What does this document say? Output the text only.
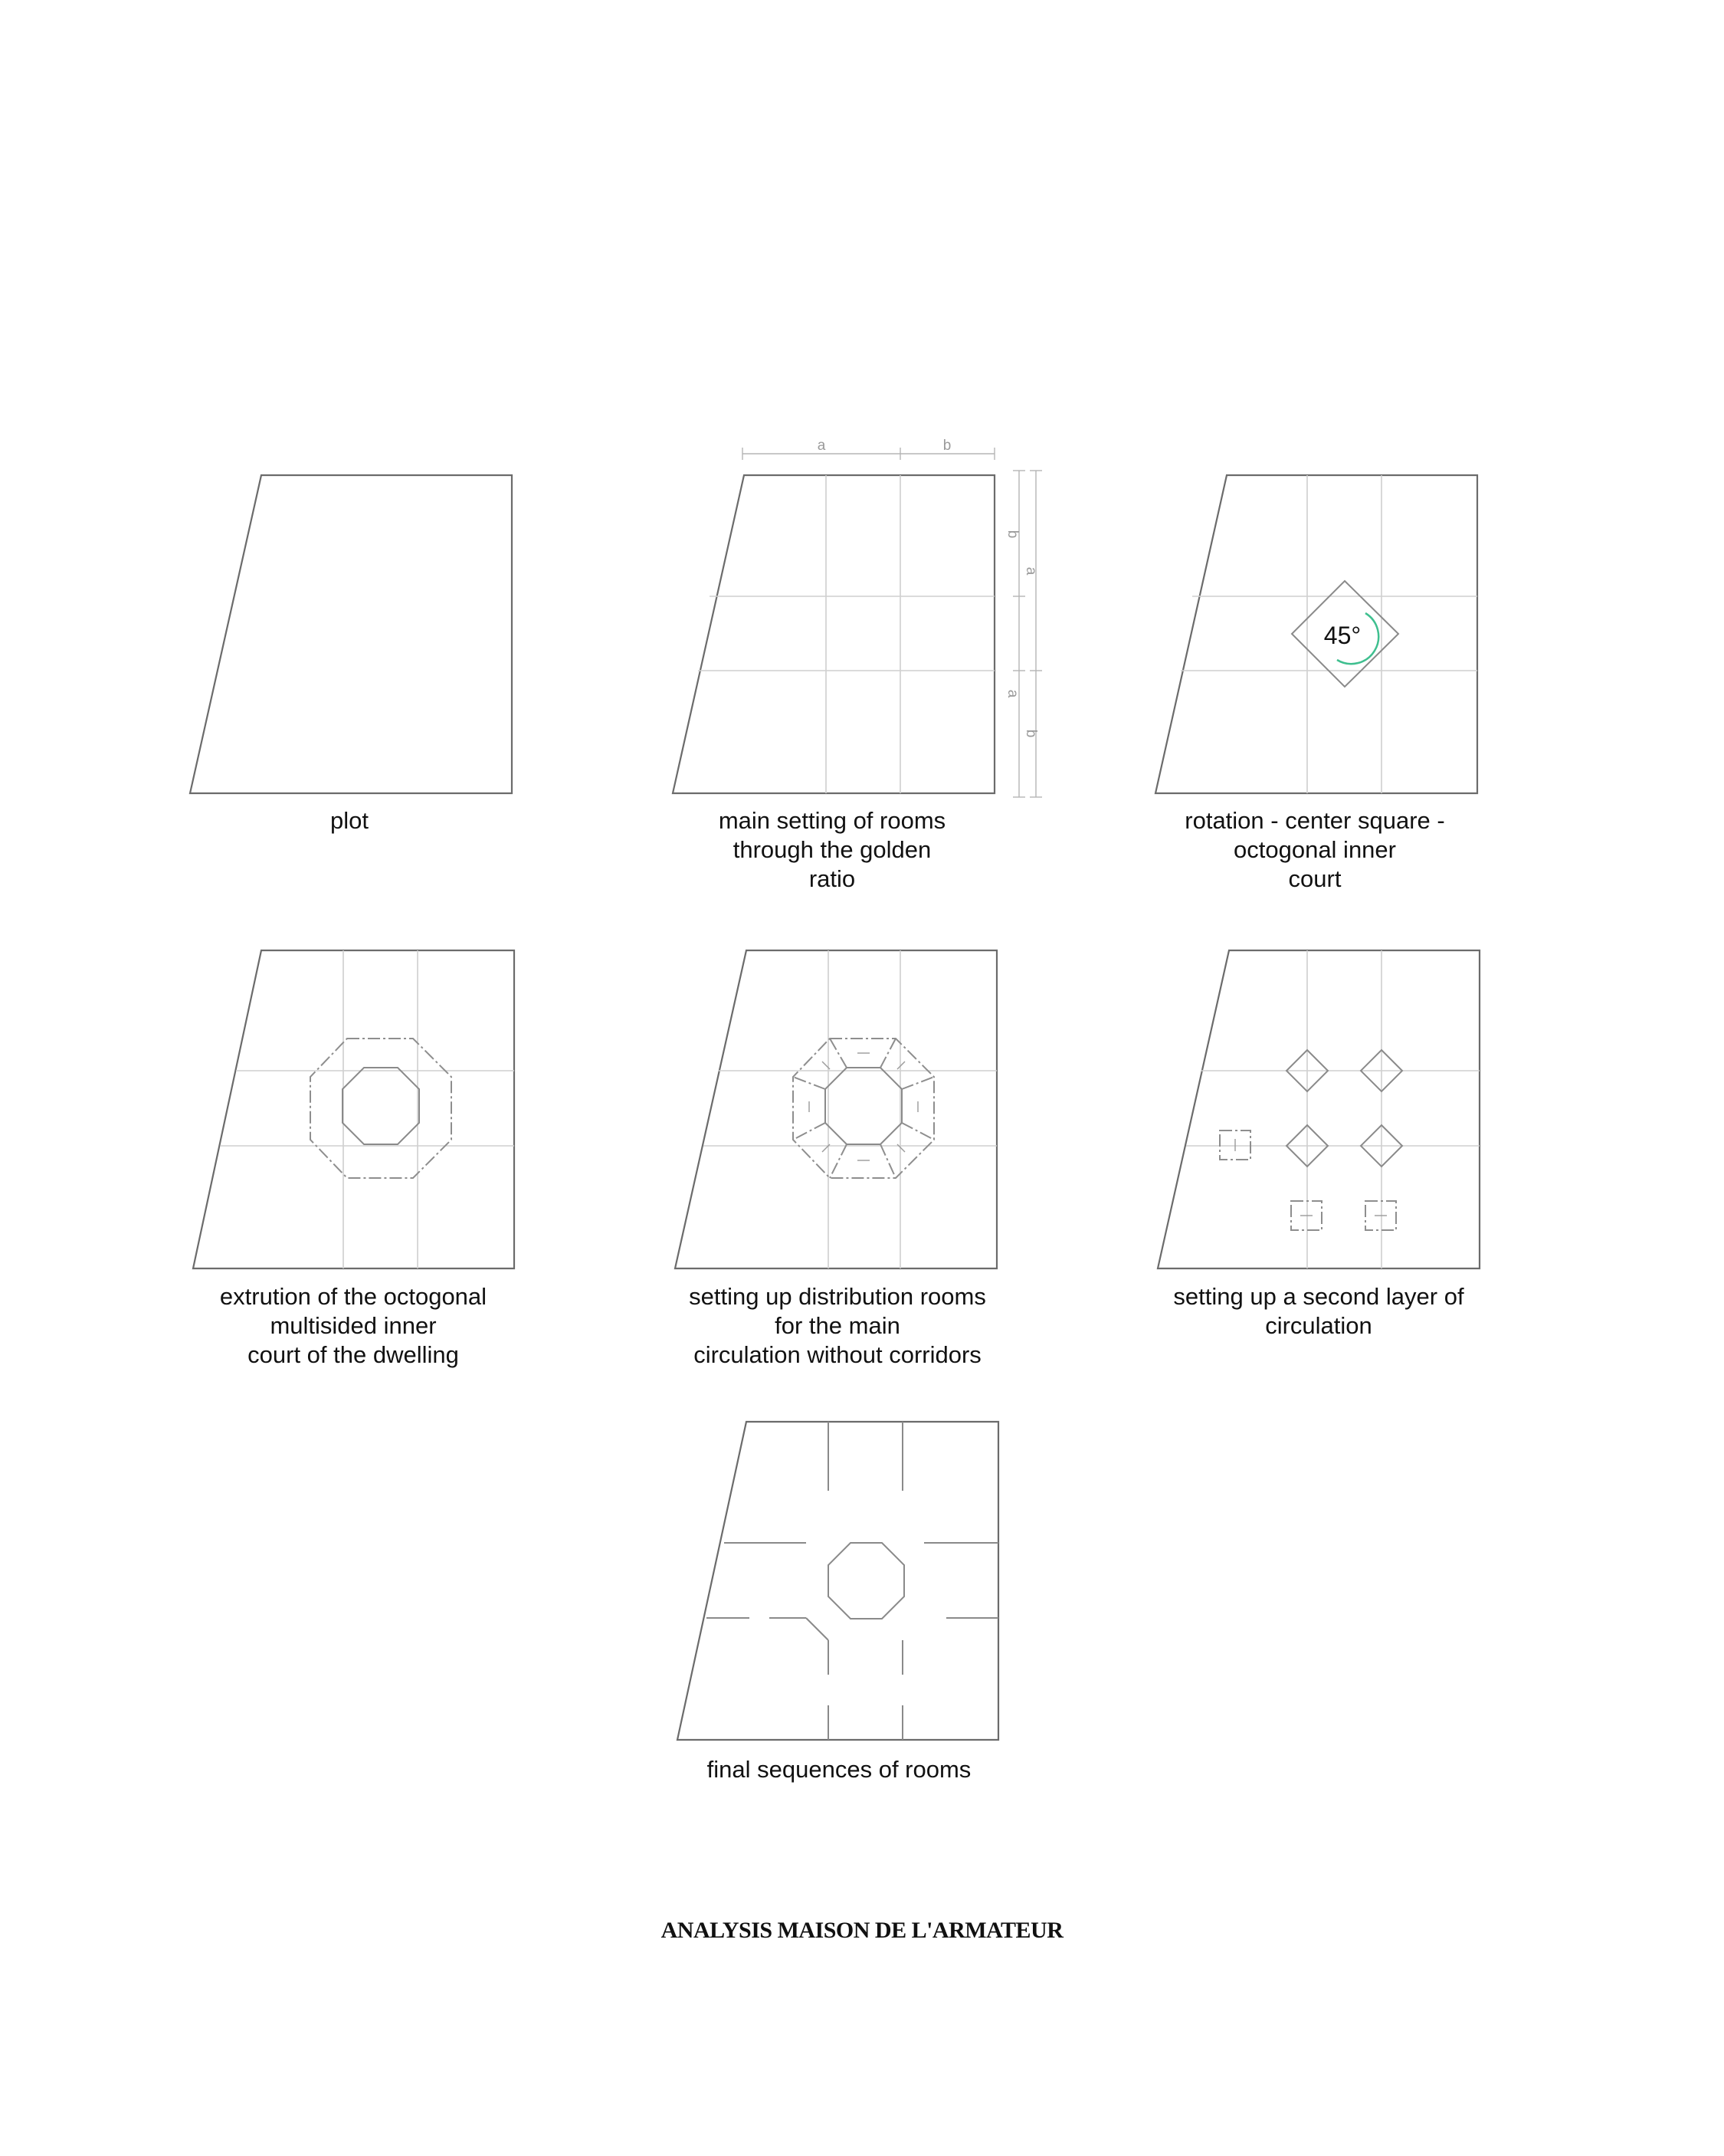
a	b
b
a
a
b
45°
plot	main setting of rooms
through the golden
ratio
rotation - center square -
octogonal inner
court
extrution of the octogonal
multisided inner
court of the dwelling
setting up distribution rooms
for the main
circulation without corridors
setting up a second layer of
circulation
final sequences of rooms
ANALYSIS MAISON DE L'ARMATEUR
